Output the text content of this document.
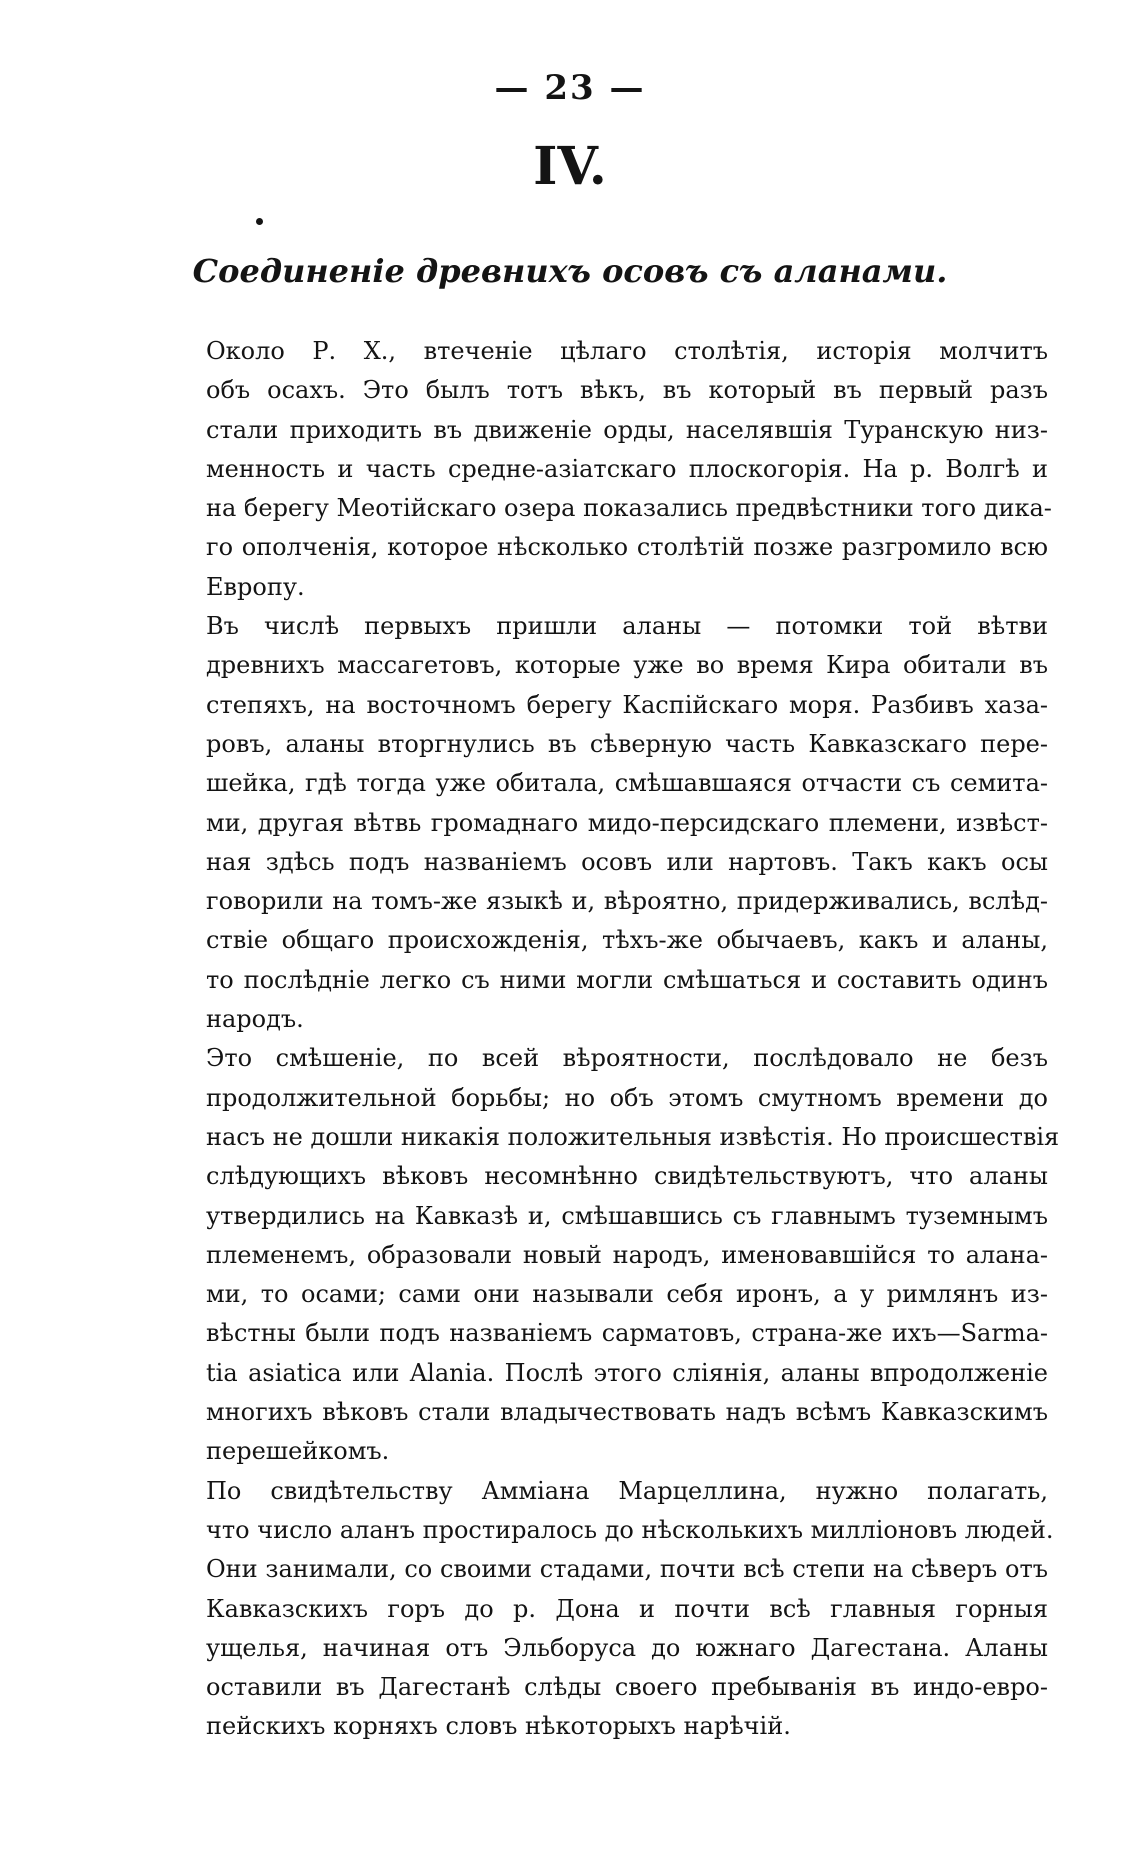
— 23 —
IV.
Соединеніе древнихъ осовъ съ аланами.
Около Р. Х., втеченіе цѣлаго столѣтія, исторія молчитъ
объ осахъ. Это былъ тотъ вѣкъ, въ который въ первый разъ
стали приходить въ движеніе орды, населявшія Туранскую низ-
менность и часть средне-азіатскаго плоскогорія. На р. Волгѣ и
на берегу Меотійскаго озера показались предвѣстники того дика-
го ополченія, которое нѣсколько столѣтій позже разгромило всю
Европу.
Въ числѣ первыхъ пришли аланы — потомки той вѣтви
древнихъ массагетовъ, которые уже во время Кира обитали въ
степяхъ, на восточномъ берегу Каспійскаго моря. Разбивъ хаза-
ровъ, аланы вторгнулись въ сѣверную часть Кавказскаго пере-
шейка, гдѣ тогда уже обитала, смѣшавшаяся отчасти съ семита-
ми, другая вѣтвь громаднаго мидо-персидскаго племени, извѣст-
ная здѣсь подъ названіемъ осовъ или нартовъ. Такъ какъ осы
говорили на томъ-же языкѣ и, вѣроятно, придерживались, вслѣд-
ствіе общаго происхожденія, тѣхъ-же обычаевъ, какъ и аланы,
то послѣдніе легко съ ними могли смѣшаться и составить одинъ
народъ.
Это смѣшеніе, по всей вѣроятности, послѣдовало не безъ
продолжительной борьбы; но объ этомъ смутномъ времени до
насъ не дошли никакія положительныя извѣстія. Но происшествія
слѣдующихъ вѣковъ несомнѣнно свидѣтельствуютъ, что аланы
утвердились на Кавказѣ и, смѣшавшись съ главнымъ туземнымъ
племенемъ, образовали новый народъ, именовавшійся то алана-
ми, то осами; сами они называли себя иронъ, а у римлянъ из-
вѣстны были подъ названіемъ сарматовъ, страна-же ихъ—Sarma-
tia asiatica или Alania. Послѣ этого сліянія, аланы впродолженіе
многихъ вѣковъ стали владычествовать надъ всѣмъ Кавказскимъ
перешейкомъ.
По свидѣтельству Амміана Марцеллина, нужно полагать,
что число аланъ простиралось до нѣсколькихъ милліоновъ людей.
Они занимали, со своими стадами, почти всѣ степи на сѣверъ отъ
Кавказскихъ горъ до р. Дона и почти всѣ главныя горныя
ущелья, начиная отъ Эльборуса до южнаго Дагестана. Аланы
оставили въ Дагестанѣ слѣды своего пребыванія въ индо-евро-
пейскихъ корняхъ словъ нѣкоторыхъ нарѣчій.
